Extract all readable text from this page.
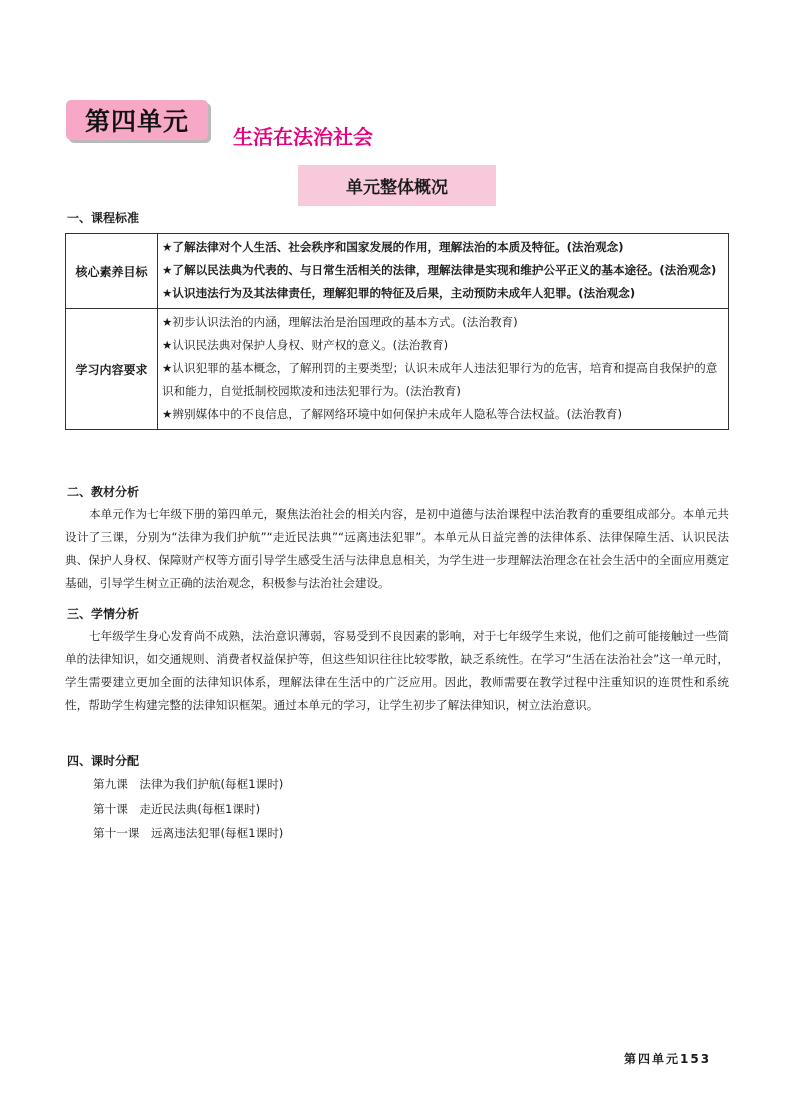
第四单元
生活在法治社会
单元整体概况
一、课程标准
核心素养目标	★了解法律对个人生活、社会秩序和国家发展的作用，理解法治的本质及特征。(法治观念)
★了解以民法典为代表的、与日常生活相关的法律，理解法律是实现和维护公平正义的基本途径。(法治观念)
★认识违法行为及其法律责任，理解犯罪的特征及后果，主动预防未成年人犯罪。(法治观念)

学习内容要求	★初步认识法治的内涵，理解法治是治国理政的基本方式。(法治教育)
★认识民法典对保护人身权、财产权的意义。(法治教育)
★认识犯罪的基本概念，了解刑罚的主要类型；认识未成年人违法犯罪行为的危害，培育和提高自我保护的意识和能力，自觉抵制校园欺凌和违法犯罪行为。(法治教育)
★辨别媒体中的不良信息，了解网络环境中如何保护未成年人隐私等合法权益。(法治教育)
二、教材分析
本单元作为七年级下册的第四单元，聚焦法治社会的相关内容，是初中道德与法治课程中法治教育的重要组成部分。本单元共设计了三课，分别为“法律为我们护航”“走近民法典”“远离违法犯罪”。本单元从日益完善的法律体系、法律保障生活、认识民法典、保护人身权、保障财产权等方面引导学生感受生活与法律息息相关，为学生进一步理解法治理念在社会生活中的全面应用奠定基础，引导学生树立正确的法治观念，积极参与法治社会建设。
三、学情分析
七年级学生身心发育尚不成熟，法治意识薄弱，容易受到不良因素的影响，对于七年级学生来说，他们之前可能接触过一些简单的法律知识，如交通规则、消费者权益保护等，但这些知识往往比较零散，缺乏系统性。在学习“生活在法治社会”这一单元时，学生需要建立更加全面的法律知识体系，理解法律在生活中的广泛应用。因此，教师需要在教学过程中注重知识的连贯性和系统性，帮助学生构建完整的法律知识框架。通过本单元的学习，让学生初步了解法律知识，树立法治意识。
四、课时分配
第九课　法律为我们护航(每框1课时)
第十课　走近民法典(每框1课时)
第十一课　远离违法犯罪(每框1课时)
第四单元153
